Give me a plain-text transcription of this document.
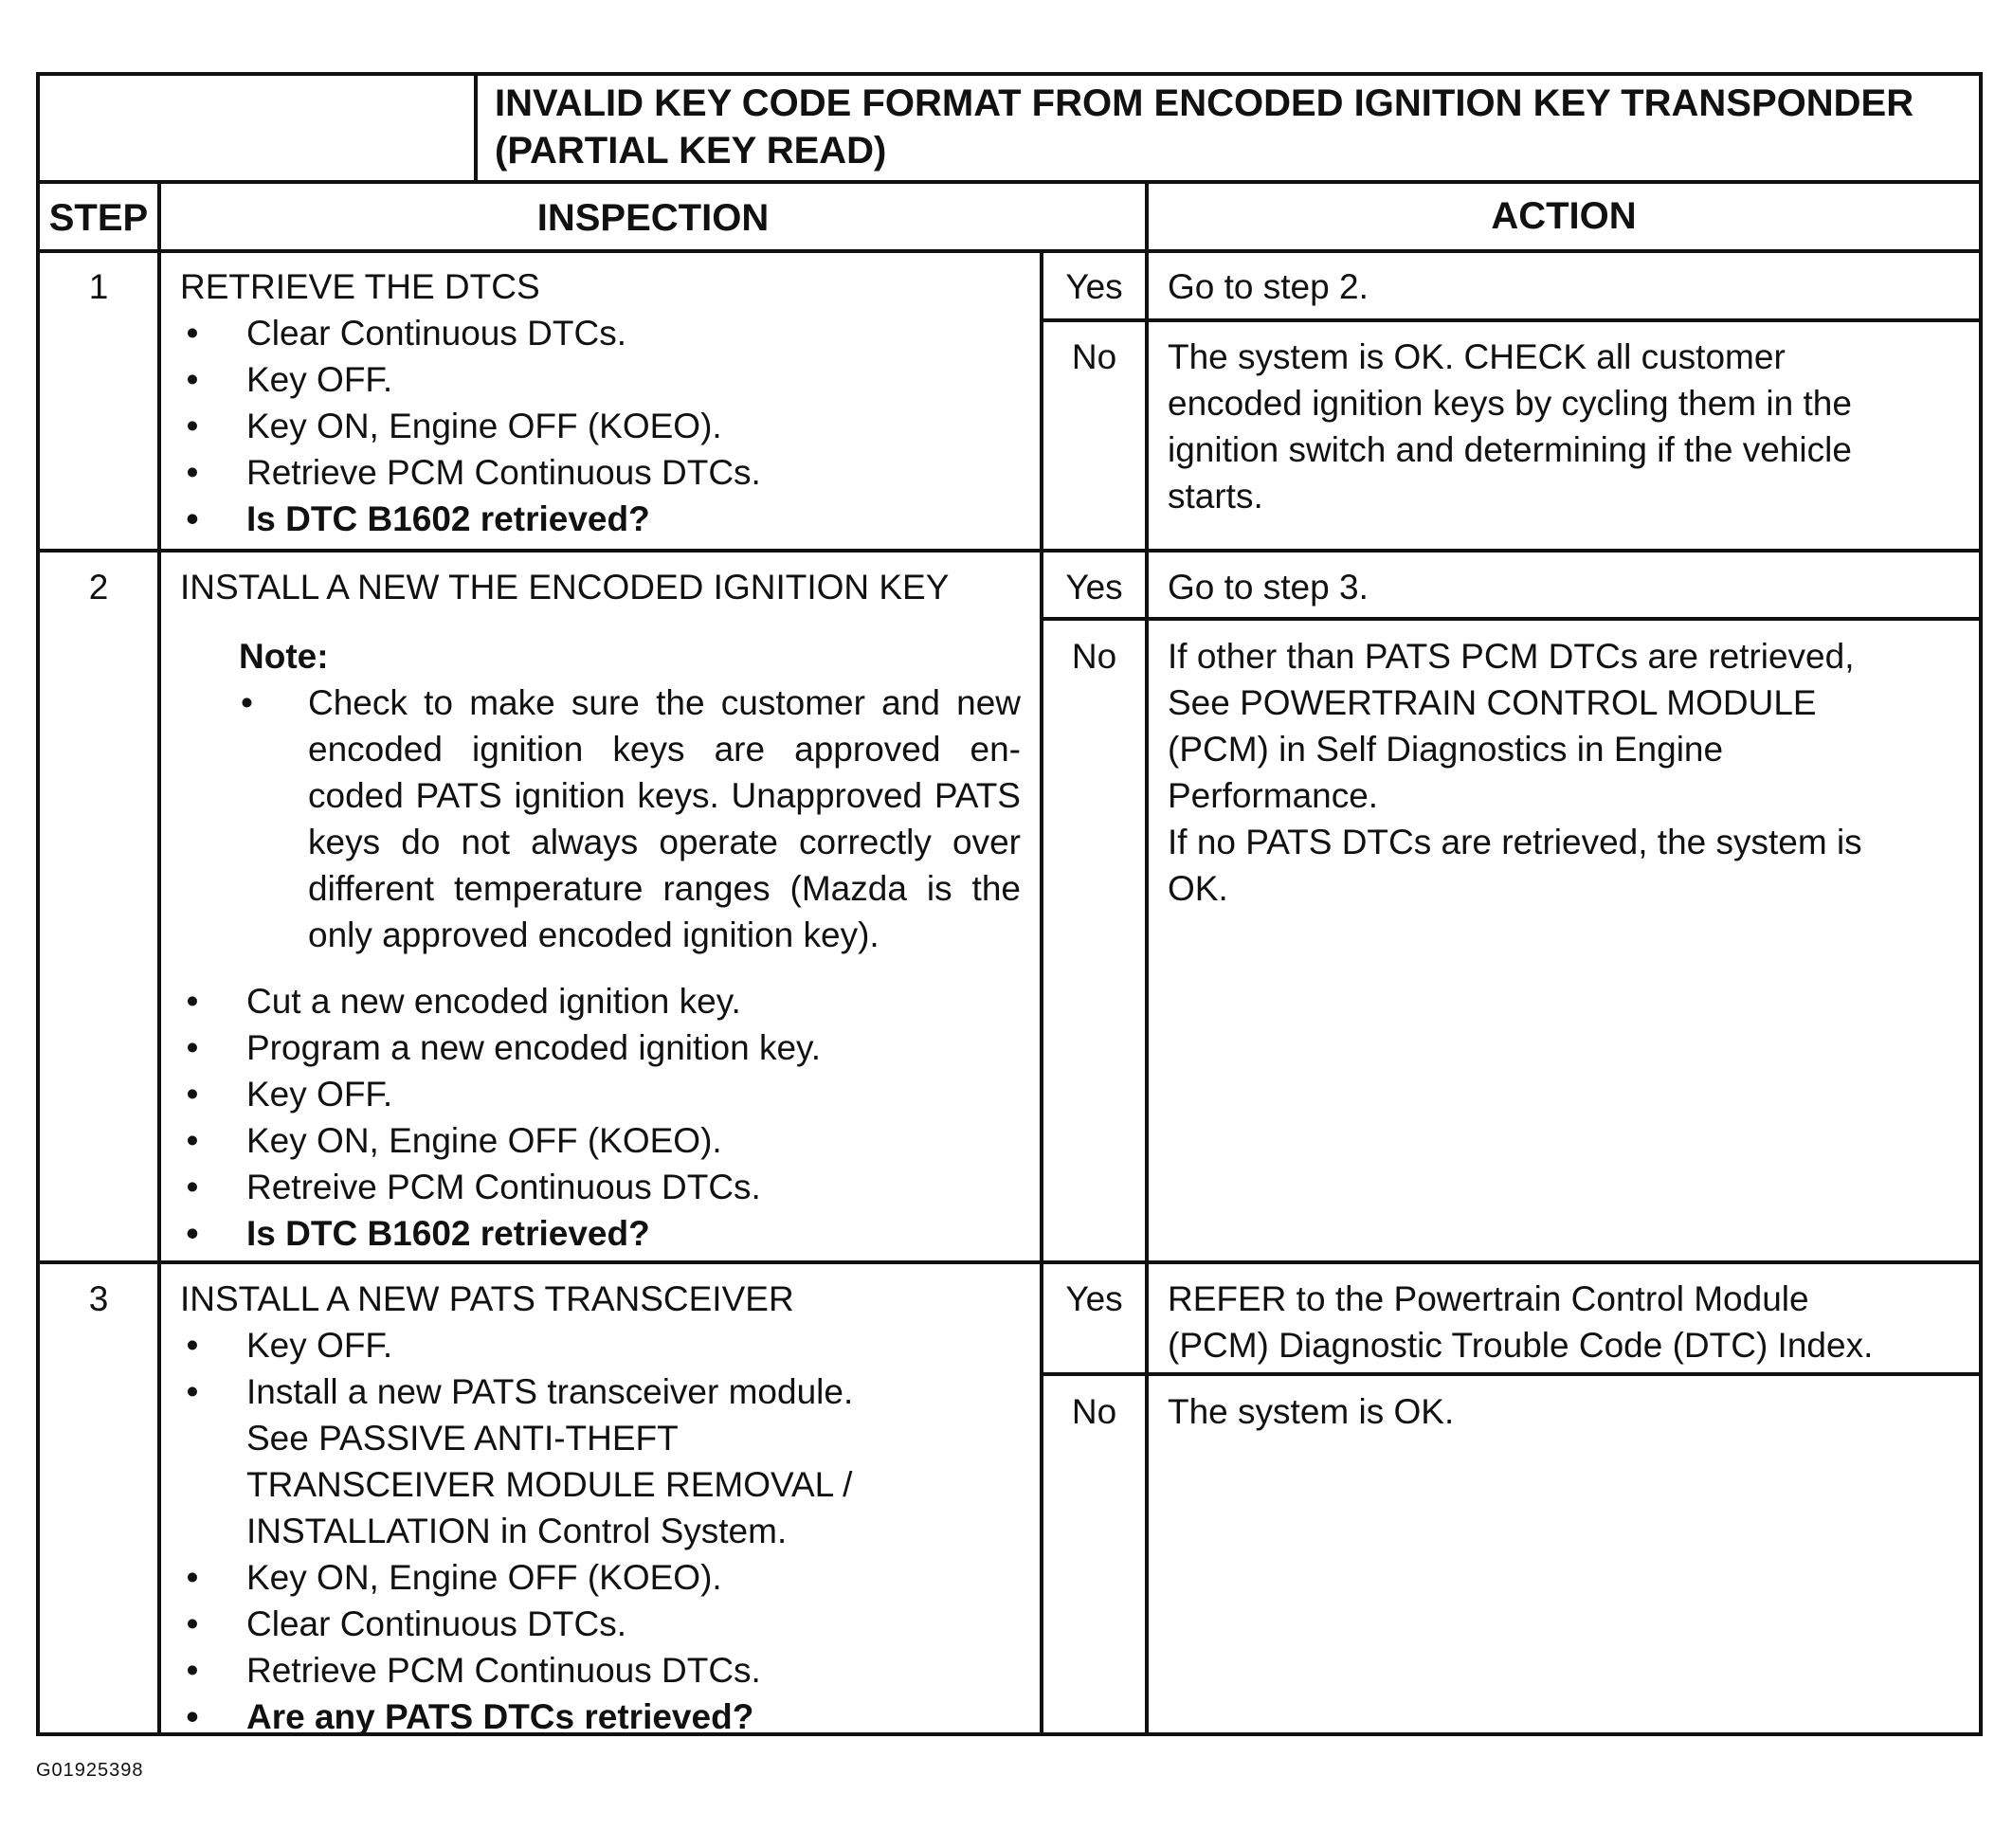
INVALID KEY CODE FORMAT FROM ENCODED IGNITION KEY TRANSPONDER
(PARTIAL KEY READ)
STEP	INSPECTION	ACTION
1	RETRIEVE THE DTCS
• Clear Continuous DTCs.
• Key OFF.
• Key ON, Engine OFF (KOEO).
• Retrieve PCM Continuous DTCs.
• Is DTC B1602 retrieved?
Yes	Go to step 2.
No	The system is OK. CHECK all customer
encoded ignition keys by cycling them in the
ignition switch and determining if the vehicle
starts.
2	INSTALL A NEW THE ENCODED IGNITION KEY
Note:
• Check to make sure the customer and new encoded ignition keys are approved en- coded PATS ignition keys. Unapproved PATS keys do not always operate correctly over different temperature ranges (Mazda is the only approved encoded ignition key).
• Cut a new encoded ignition key.
• Program a new encoded ignition key.
• Key OFF.
• Key ON, Engine OFF (KOEO).
• Retreive PCM Continuous DTCs.
• Is DTC B1602 retrieved?
Yes	Go to step 3.
No	If other than PATS PCM DTCs are retrieved,
See POWERTRAIN CONTROL MODULE
(PCM) in Self Diagnostics in Engine
Performance.
If no PATS DTCs are retrieved, the system is
OK.
3	INSTALL A NEW PATS TRANSCEIVER
• Key OFF.
• Install a new PATS transceiver module.
See PASSIVE ANTI-THEFT
TRANSCEIVER MODULE REMOVAL /
INSTALLATION in Control System.
• Key ON, Engine OFF (KOEO).
• Clear Continuous DTCs.
• Retrieve PCM Continuous DTCs.
• Are any PATS DTCs retrieved?
Yes	REFER to the Powertrain Control Module
(PCM) Diagnostic Trouble Code (DTC) Index.
No	The system is OK.
G01925398
